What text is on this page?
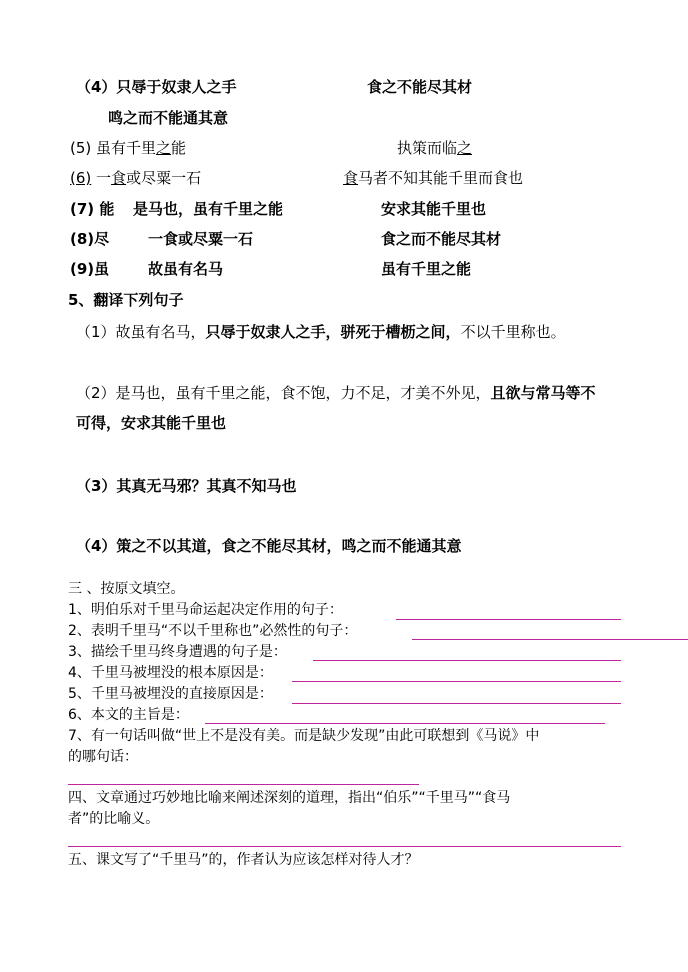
（4）只辱于奴隶人之手	食之不能尽其材
鸣之而不能通其意
(5) 虽有千里之能	执策而临之
(6) 一食或尽粟一石	食马者不知其能千里而食也
(7) 能 是马也，虽有千里之能	安求其能千里也
(8)尽	一食或尽粟一石	食之而不能尽其材
(9)虽	故虽有名马	虽有千里之能
5、翻译下列句子
（1）故虽有名马，只辱于奴隶人之手，骈死于槽枥之间，不以千里称也。
（2）是马也，虽有千里之能，食不饱，力不足，才美不外见，且欲与常马等不
可得，安求其能千里也
（3）其真无马邪？其真不知马也
（4）策之不以其道，食之不能尽其材，鸣之而不能通其意
三 、按原文填空。
1、明伯乐对千里马命运起决定作用的句子：
2、表明千里马“不以千里称也”必然性的句子：
3、描绘千里马终身遭遇的句子是：
4、千里马被埋没的根本原因是：
5、千里马被埋没的直接原因是：
6、本文的主旨是：
7、有一句话叫做“世上不是没有美。而是缺少发现”由此可联想到《马说》中
的哪句话：
四、文章通过巧妙地比喻来阐述深刻的道理，指出“伯乐”“千里马”“食马
者”的比喻义。
五、课文写了“千里马”的，作者认为应该怎样对待人才？
